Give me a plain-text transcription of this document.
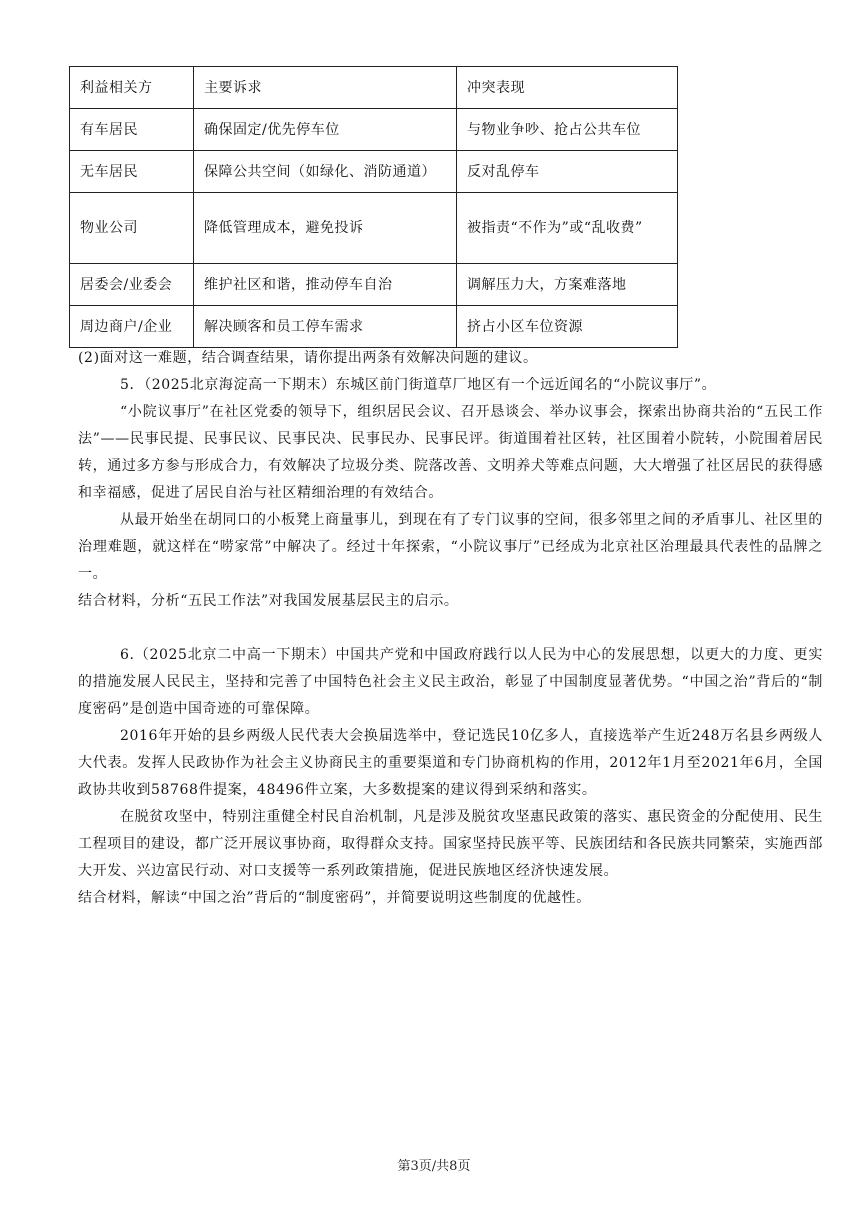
利益相关方	主要诉求	冲突表现
有车居民	确保固定/优先停车位	与物业争吵、抢占公共车位
无车居民	保障公共空间（如绿化、消防通道）	反对乱停车
物业公司	降低管理成本，避免投诉	被指责“不作为”或“乱收费”
居委会/业委会	维护社区和谐，推动停车自治	调解压力大，方案难落地
周边商户/企业	解决顾客和员工停车需求	挤占小区车位资源

(2)面对这一难题，结合调查结果，请你提出两条有效解决问题的建议。

5．（2025北京海淀高一下期末）东城区前门街道草厂地区有一个远近闻名的“小院议事厅”。

“小院议事厅”在社区党委的领导下，组织居民会议、召开恳谈会、举办议事会，探索出协商共治的“五民工作法”——民事民提、民事民议、民事民决、民事民办、民事民评。街道围着社区转，社区围着小院转，小院围着居民转，通过多方参与形成合力，有效解决了垃圾分类、院落改善、文明养犬等难点问题，大大增强了社区居民的获得感和幸福感，促进了居民自治与社区精细治理的有效结合。

从最开始坐在胡同口的小板凳上商量事儿，到现在有了专门议事的空间，很多邻里之间的矛盾事儿、社区里的治理难题，就这样在“唠家常”中解决了。经过十年探索，“小院议事厅”已经成为北京社区治理最具代表性的品牌之一。

结合材料，分析“五民工作法”对我国发展基层民主的启示。

6.（2025北京二中高一下期末）中国共产党和中国政府践行以人民为中心的发展思想，以更大的力度、更实的措施发展人民民主，坚持和完善了中国特色社会主义民主政治，彰显了中国制度显著优势。“中国之治”背后的“制度密码”是创造中国奇迹的可靠保障。

2016年开始的县乡两级人民代表大会换届选举中，登记选民10亿多人，直接选举产生近248万名县乡两级人大代表。发挥人民政协作为社会主义协商民主的重要渠道和专门协商机构的作用，2012年1月至2021年6月，全国政协共收到58768件提案，48496件立案，大多数提案的建议得到采纳和落实。

在脱贫攻坚中，特别注重健全村民自治机制，凡是涉及脱贫攻坚惠民政策的落实、惠民资金的分配使用、民生工程项目的建设，都广泛开展议事协商，取得群众支持。国家坚持民族平等、民族团结和各民族共同繁荣，实施西部大开发、兴边富民行动、对口支援等一系列政策措施，促进民族地区经济快速发展。

结合材料，解读“中国之治”背后的“制度密码”，并简要说明这些制度的优越性。

第3页/共8页
